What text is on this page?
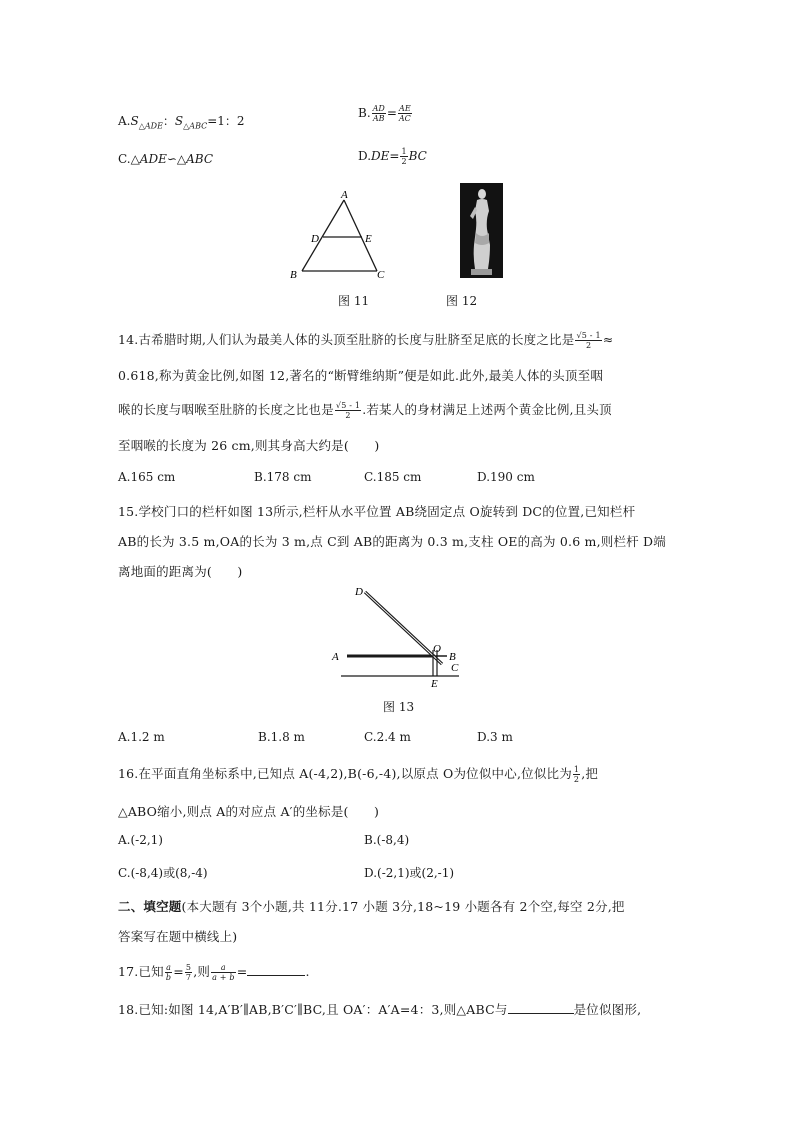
$A.S_{\triangle ADE}$：$S_{\triangle ABC}=1$：2
B. $\frac{AD}{AB} = \frac{AE}{AC}$
C.△ADE∽△ABC	$D.DE= \frac{1}{2}$ BC
A
D	E
B	C
图 11	图 12
14.古希腊时期,人们认为最美人体的头顶至肚脐的长度与肚脐至足底的长度之比是 $\frac{√5 - 1}{2}$ ≈
0.618,称为黄金比例,如图 12,著名的“断臂维纳斯”便是如此.此外,最美人体的头顶至咽
喉的长度与咽喉至肚脐的长度之比也是 $\frac{√5 - 1}{2}$ .若某人的身材满足上述两个黄金比例,且头顶
至咽喉的长度为 26 cm,则其身高大约是(　　)
A.165 cm	B.178 cm	C.185 cm	D.190 cm
15.学校门口的栏杆如图 13所示,栏杆从水平位置 AB绕固定点 O旋转到 DC的位置,已知栏杆
AB的长为 3.5 m,OA的长为 3 m,点 C到 AB的距离为 0.3 m,支柱 OE的高为 0.6 m,则栏杆 D端
离地面的距离为(　　)
D
A
O
B
C
E
图 13
A.1.2 m	B.1.8 m	C.2.4 m	D.3 m
16.在平面直角坐标系中,已知点 A(-4,2),B(-6,-4),以原点 O为位似中心,位似比为 $\frac{1}{2}$ ,把
△ABO缩小,则点 A的对应点 A′的坐标是(　　)
A.(-2,1)	B.(-8,4)
C.(-8,4)或(8,-4)	D.(-2,1)或(2,-1)
二、填空题(本大题有 3个小题,共 11分.17 小题 3分,18~19 小题各有 2个空,每空 2分,把
答案写在题中横线上)
17.已知 $\frac{a}{b} = \frac{5}{7}$ ,则 $\frac{a}{a + b}$ =	.
18.已知:如图 14,A′B′∥AB,B′C′∥BC,且 OA′：A′A=4：3,则△ABC与	是位似图形,
